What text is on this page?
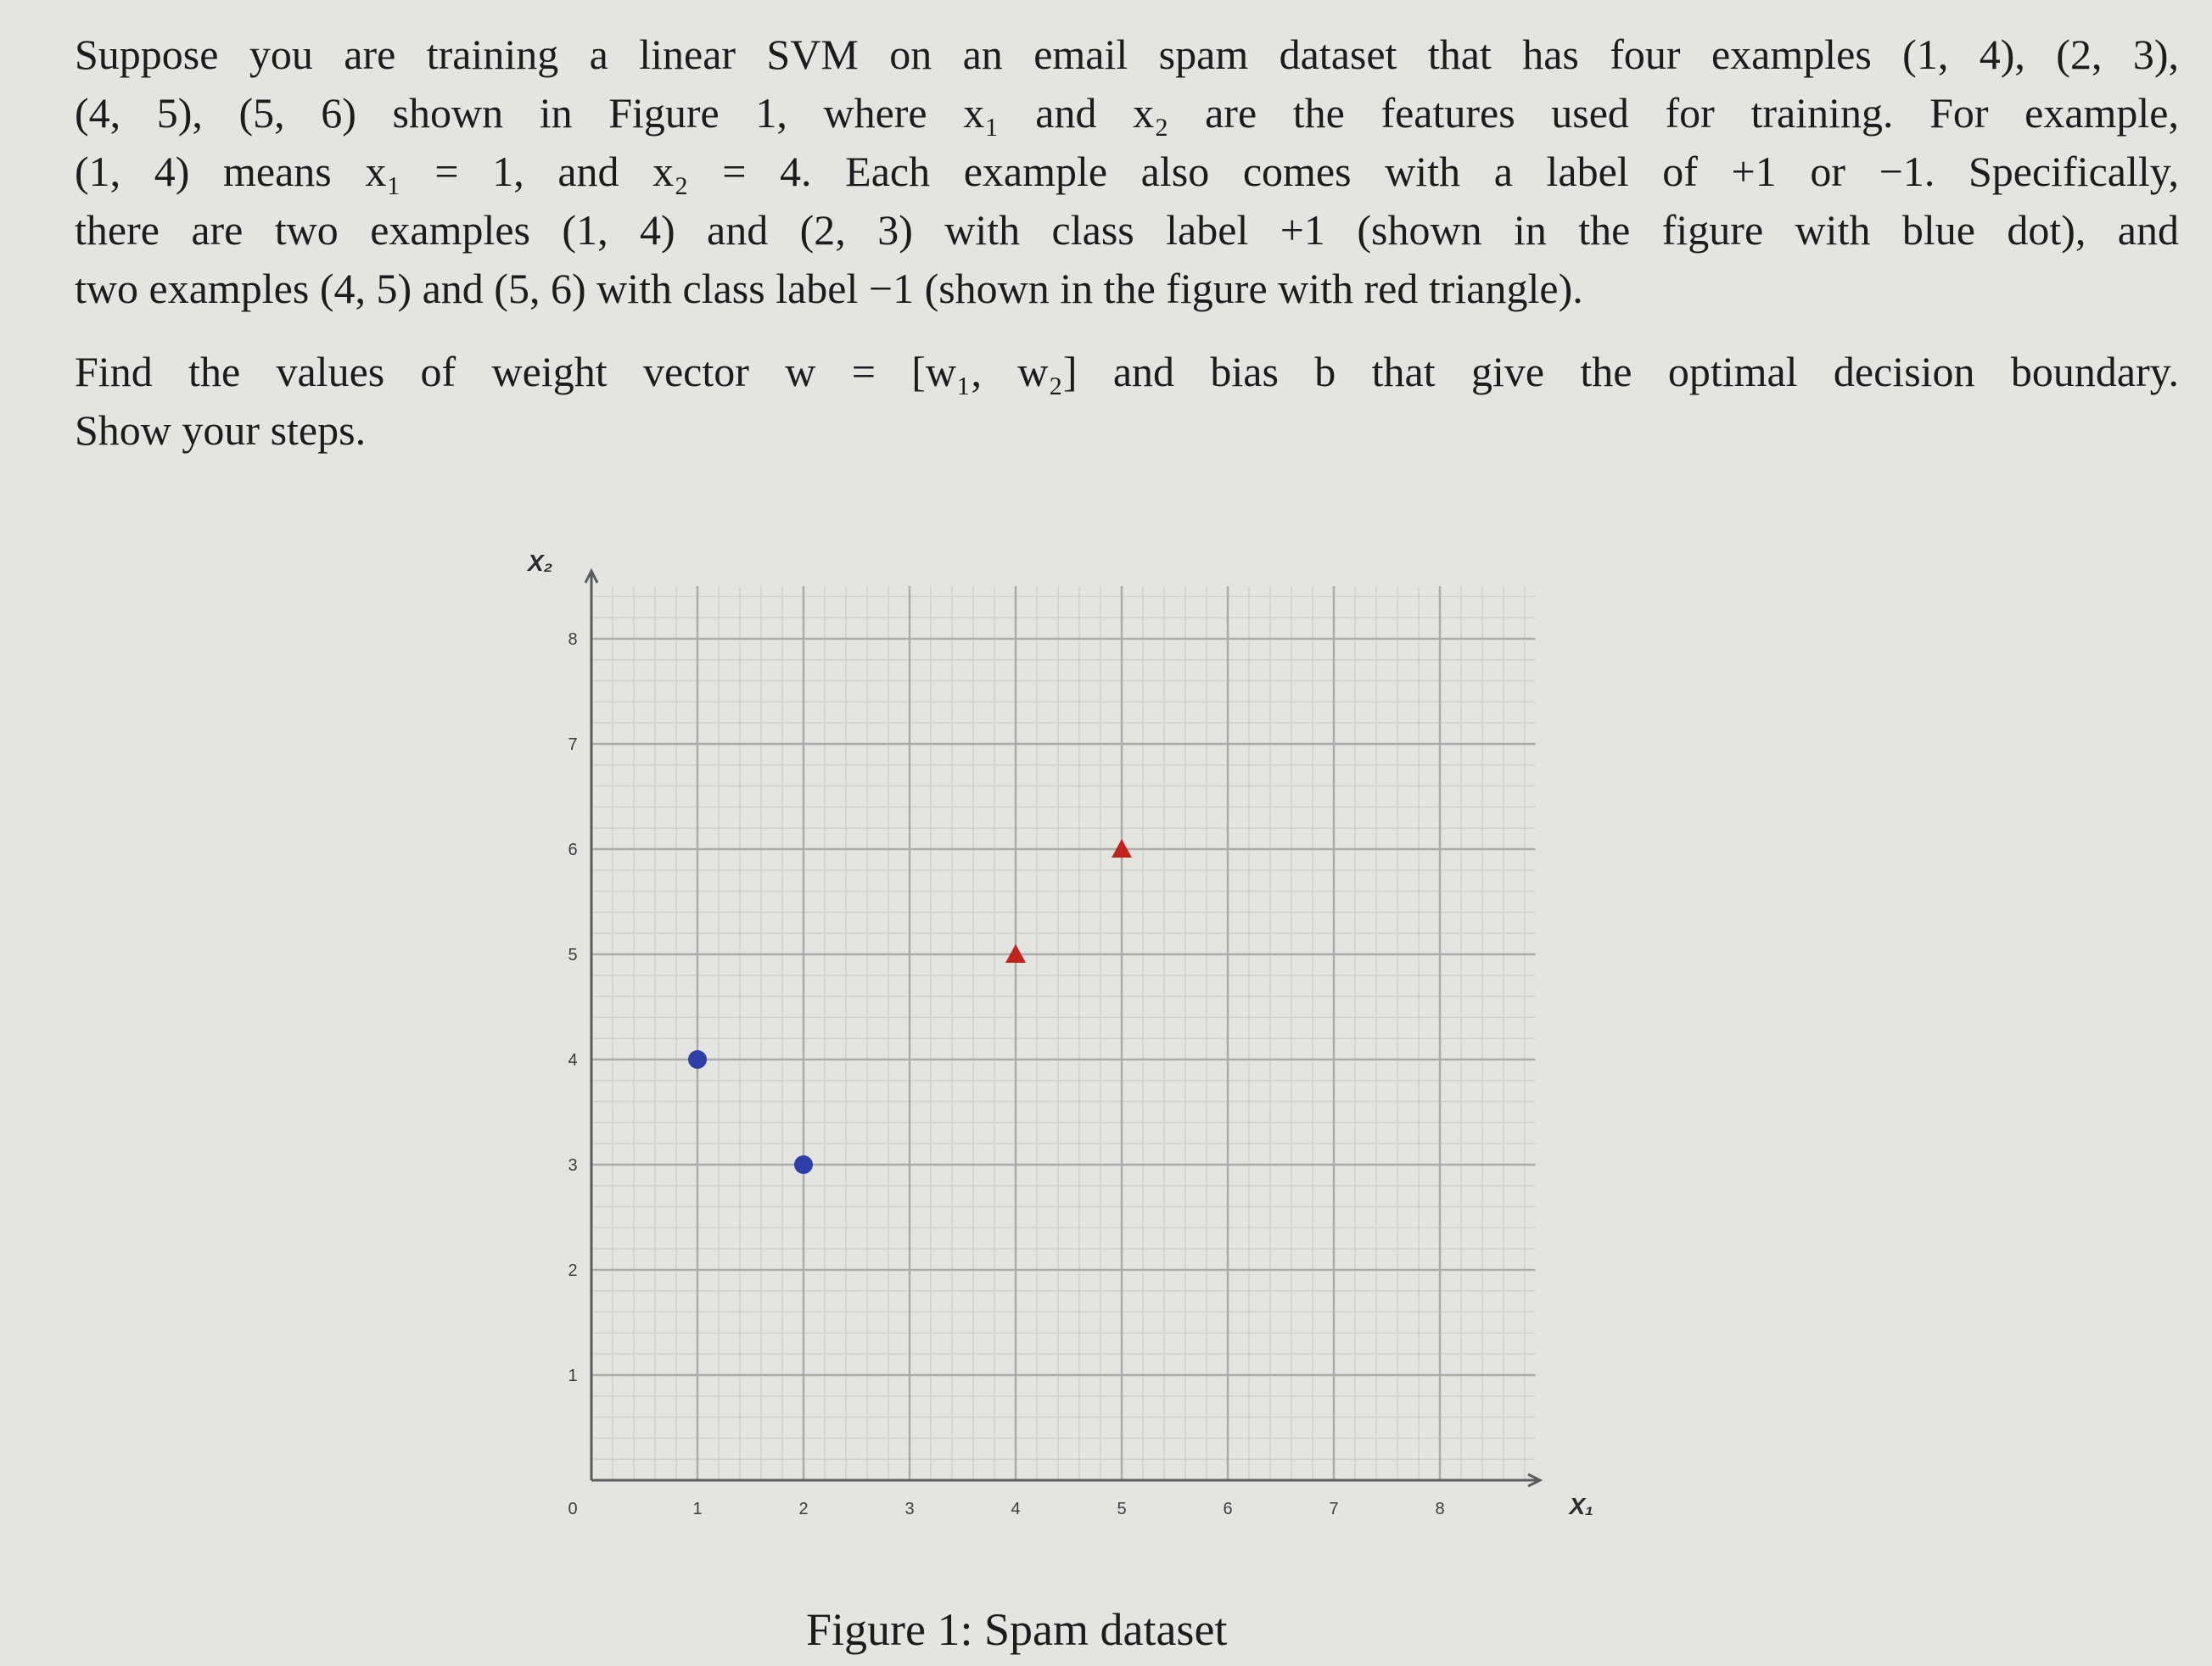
Suppose you are training a linear SVM on an email spam dataset that has four examples (1, 4), (2, 3),
(4, 5), (5, 6) shown in Figure 1, where x₁ and x₂ are the features used for training. For example,
(1, 4) means x₁ = 1, and x₂ = 4. Each example also comes with a label of +1 or −1. Specifically,
there are two examples (1, 4) and (2, 3) with class label +1 (shown in the figure with blue dot), and
two examples (4, 5) and (5, 6) with class label −1 (shown in the figure with red triangle).
Find the values of weight vector w = [w₁, w₂] and bias b that give the optimal decision boundary.
Show your steps.
0	1	2	3	4	5	6	7	8
1
2
3
4
5
6
7
8
X₁
X₂
Figure 1: Spam dataset
